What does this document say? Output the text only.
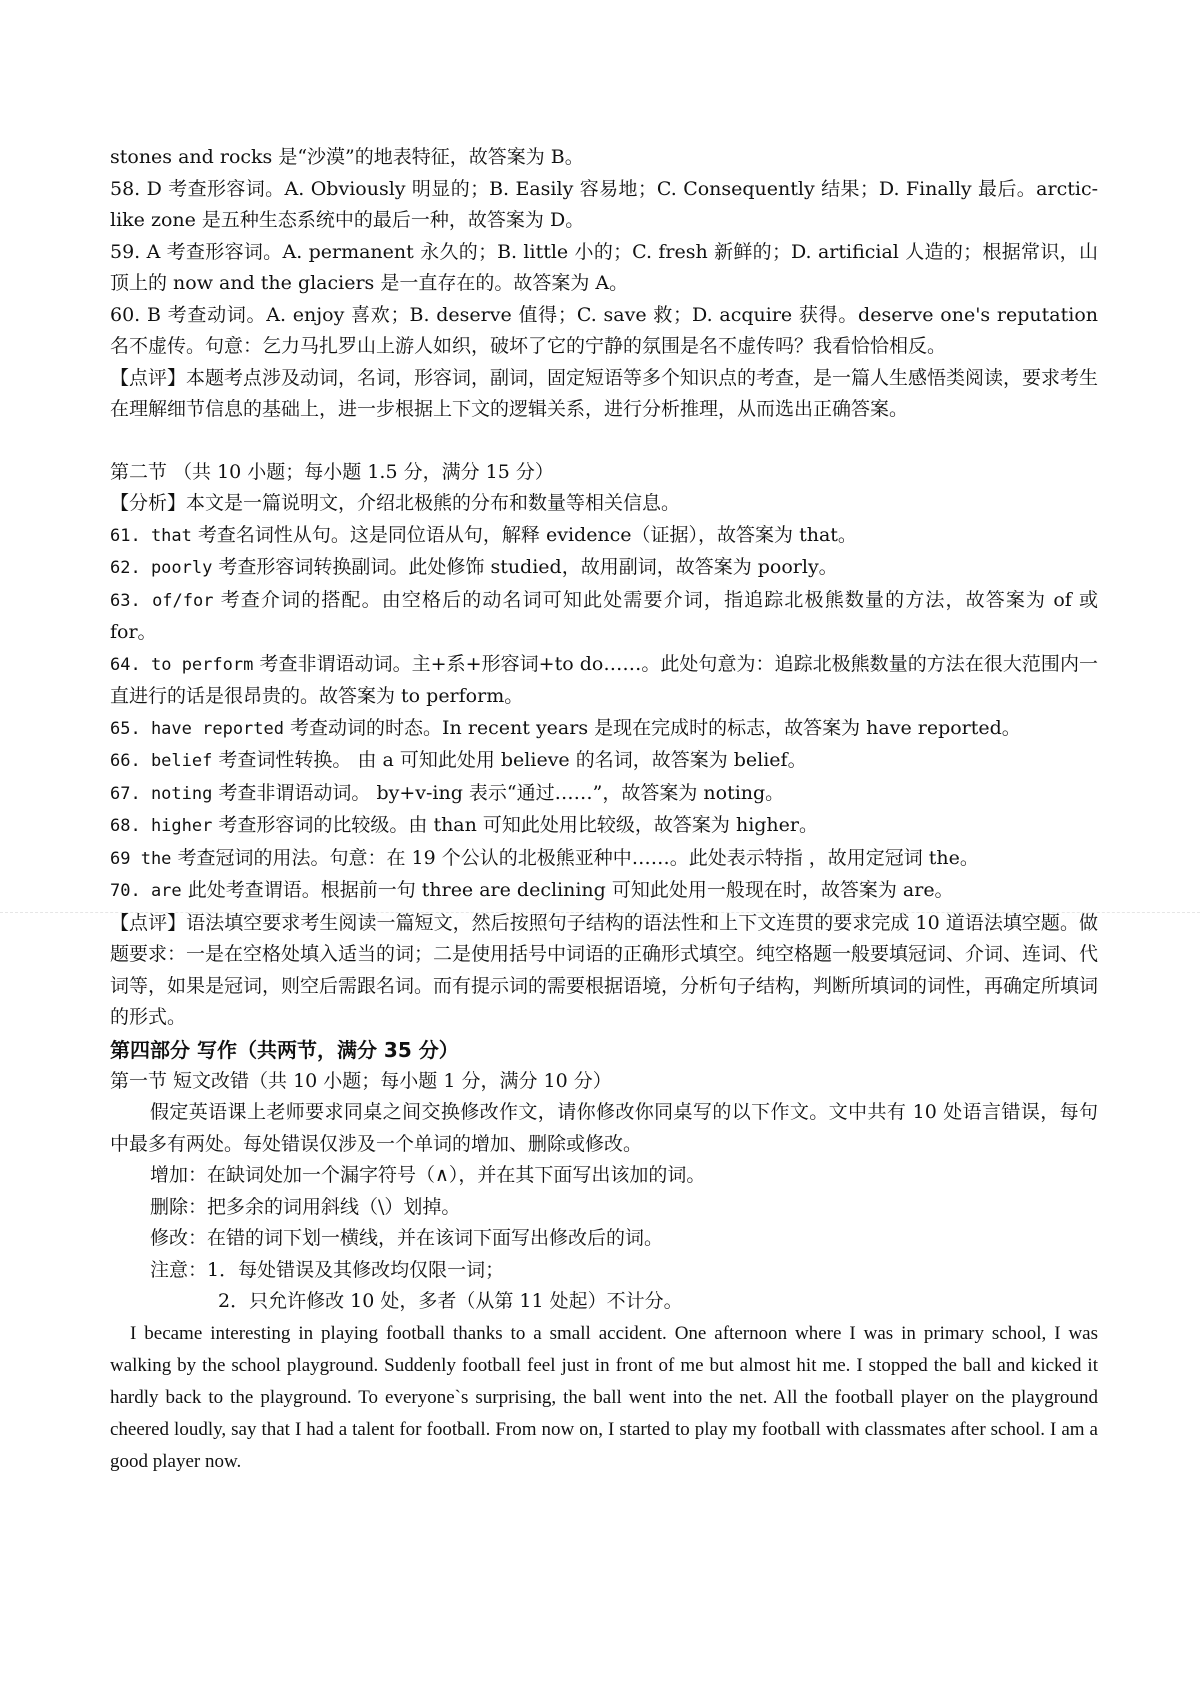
stones and rocks 是“沙漠”的地表特征，故答案为 B。

58. D 考查形容词。A. Obviously 明显的；B. Easily 容易地；C. Consequently 结果；D. Finally 最后。arctic-like zone 是五种生态系统中的最后一种，故答案为 D。

59. A 考查形容词。A. permanent 永久的；B. little 小的；C. fresh 新鲜的；D. artificial 人造的；根据常识，山顶上的 now and the glaciers 是一直存在的。故答案为 A。

60. B 考查动词。A. enjoy 喜欢；B. deserve 值得；C. save 救；D. acquire 获得。deserve one's reputation 名不虚传。句意：乞力马扎罗山上游人如织，破坏了它的宁静的氛围是名不虚传吗？我看恰恰相反。

【点评】本题考点涉及动词，名词，形容词，副词，固定短语等多个知识点的考查，是一篇人生感悟类阅读，要求考生在理解细节信息的基础上，进一步根据上下文的逻辑关系，进行分析推理，从而选出正确答案。

第二节 （共 10 小题；每小题 1.5 分，满分 15 分）

【分析】本文是一篇说明文，介绍北极熊的分布和数量等相关信息。

61. that 考查名词性从句。这是同位语从句，解释 evidence（证据），故答案为 that。

62. poorly 考查形容词转换副词。此处修饰 studied，故用副词，故答案为 poorly。

63. of/for 考查介词的搭配。由空格后的动名词可知此处需要介词，指追踪北极熊数量的方法，故答案为 of 或 for。

64. to perform 考查非谓语动词。主+系+形容词+to do……。此处句意为：追踪北极熊数量的方法在很大范围内一直进行的话是很昂贵的。故答案为 to perform。

65. have reported 考查动词的时态。In recent years 是现在完成时的标志，故答案为 have reported。

66. belief 考查词性转换。 由 a 可知此处用 believe 的名词，故答案为 belief。

67. noting 考查非谓语动词。 by+v-ing 表示“通过……”，故答案为 noting。

68. higher 考查形容词的比较级。由 than 可知此处用比较级，故答案为 higher。

69 the 考查冠词的用法。句意：在 19 个公认的北极熊亚种中……。此处表示特指 ，故用定冠词 the。

70. are 此处考查谓语。根据前一句 three are declining 可知此处用一般现在时，故答案为 are。

【点评】语法填空要求考生阅读一篇短文，然后按照句子结构的语法性和上下文连贯的要求完成 10 道语法填空题。做题要求：一是在空格处填入适当的词；二是使用括号中词语的正确形式填空。纯空格题一般要填冠词、介词、连词、代词等，如果是冠词，则空后需跟名词。而有提示词的需要根据语境，分析句子结构，判断所填词的词性，再确定所填词的形式。

第四部分 写作（共两节，满分 35 分）

第一节 短文改错（共 10 小题；每小题 1 分，满分 10 分）

假定英语课上老师要求同桌之间交换修改作文，请你修改你同桌写的以下作文。文中共有 10 处语言错误，每句中最多有两处。每处错误仅涉及一个单词的增加、删除或修改。

增加：在缺词处加一个漏字符号（∧），并在其下面写出该加的词。

删除：把多余的词用斜线（\）划掉。

修改：在错的词下划一横线，并在该词下面写出修改后的词。

注意：1．每处错误及其修改均仅限一词；

2．只允许修改 10 处，多者（从第 11 处起）不计分。

I became interesting in playing football thanks to a small accident. One afternoon where I was in primary school, I was walking by the school playground. Suddenly football feel just in front of me but almost hit me. I stopped the ball and kicked it hardly back to the playground. To everyone`s surprising, the ball went into the net. All the football player on the playground cheered loudly, say that I had a talent for football. From now on, I started to play my football with classmates after school. I am a good player now.
